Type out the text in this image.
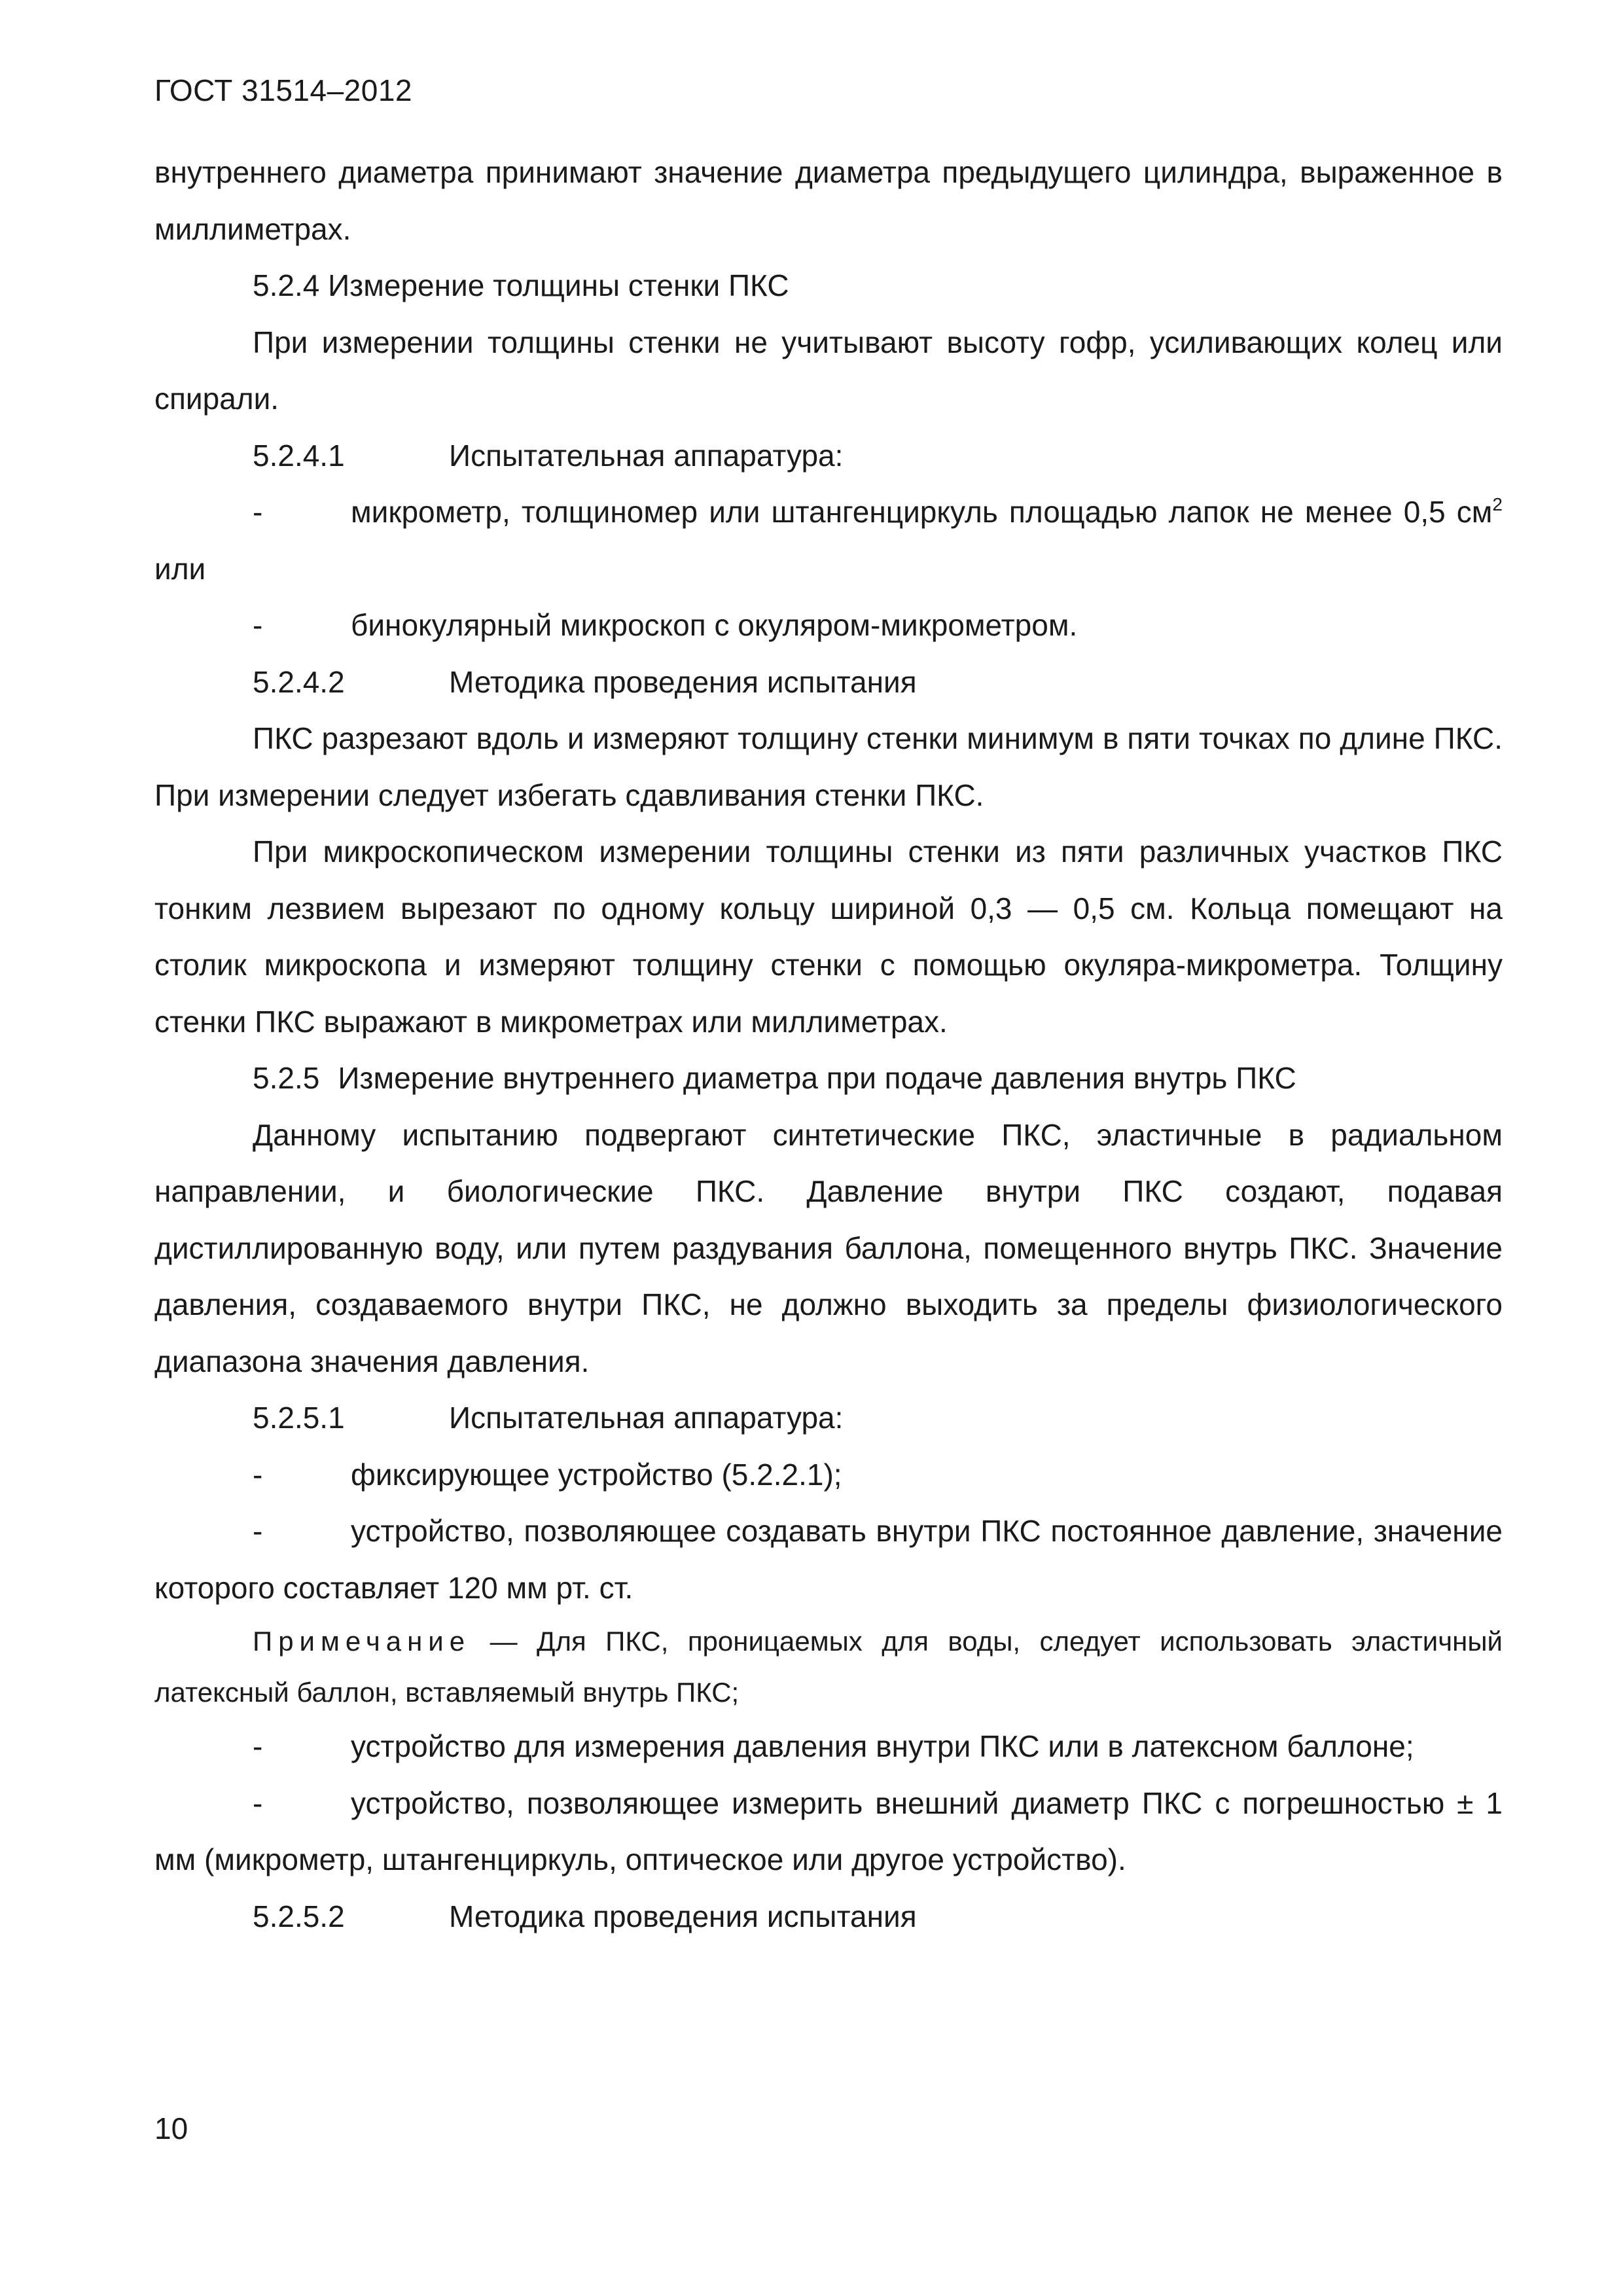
ГОСТ 31514–2012

внутреннего диаметра принимают значение диаметра предыдущего цилиндра, выраженное в миллиметрах.

5.2.4 Измерение толщины стенки ПКС

При измерении толщины стенки не учитывают высоту гофр, усиливающих колец или спирали.

5.2.4.1	Испытательная аппаратура:

-	микрометр, толщиномер или штангенциркуль площадью лапок не менее 0,5 $см^2$ или

-	бинокулярный микроскоп с окуляром-микрометром.

5.2.4.2	Методика проведения испытания

ПКС разрезают вдоль и измеряют толщину стенки минимум в пяти точках по длине ПКС. При измерении следует избегать сдавливания стенки ПКС.

При микроскопическом измерении толщины стенки из пяти различных участков ПКС тонким лезвием вырезают по одному кольцу шириной 0,3 — 0,5 см. Кольца помещают на столик микроскопа и измеряют толщину стенки с помощью окуляра-микрометра. Толщину стенки ПКС выражают в микрометрах или миллиметрах.

5.2.5 Измерение внутреннего диаметра при подаче давления внутрь ПКС

Данному испытанию подвергают синтетические ПКС, эластичные в радиальном направлении, и биологические ПКС. Давление внутри ПКС создают, подавая дистиллированную воду, или путем раздувания баллона, помещенного внутрь ПКС. Значение давления, создаваемого внутри ПКС, не должно выходить за пределы физиологического диапазона значения давления.

5.2.5.1	Испытательная аппаратура:

-	фиксирующее устройство (5.2.2.1);

-	устройство, позволяющее создавать внутри ПКС постоянное давление, значение которого составляет 120 мм рт. ст.

Примечание — Для ПКС, проницаемых для воды, следует использовать эластичный латексный баллон, вставляемый внутрь ПКС;

-	устройство для измерения давления внутри ПКС или в латексном баллоне;

-	устройство, позволяющее измерить внешний диаметр ПКС с погрешностью ± 1 мм (микрометр, штангенциркуль, оптическое или другое устройство).

5.2.5.2	Методика проведения испытания

10
